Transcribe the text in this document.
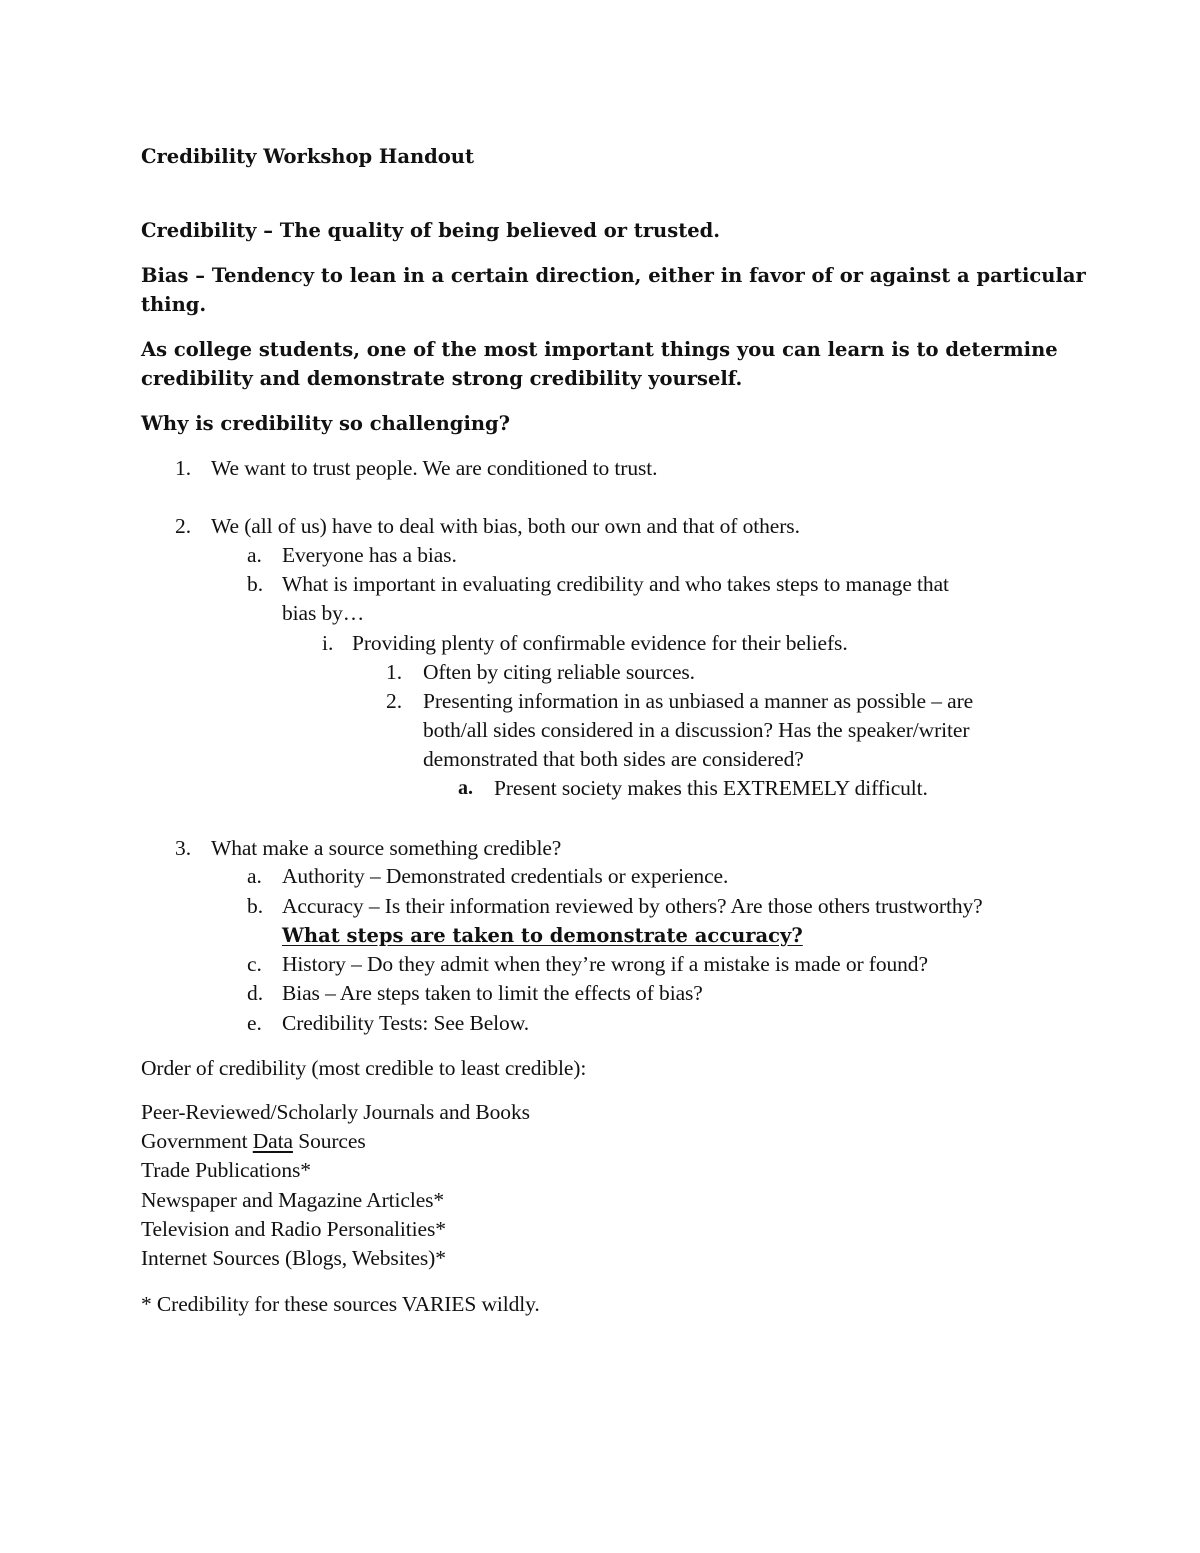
Credibility Workshop Handout
Credibility – The quality of being believed or trusted.
Bias – Tendency to lean in a certain direction, either in favor of or against a particular
thing.
As college students, one of the most important things you can learn is to determine
credibility and demonstrate strong credibility yourself.
Why is credibility so challenging?
1. We want to trust people. We are conditioned to trust.
2. We (all of us) have to deal with bias, both our own and that of others.
a. Everyone has a bias.
b. What is important in evaluating credibility and who takes steps to manage that
bias by…
i. Providing plenty of confirmable evidence for their beliefs.
1. Often by citing reliable sources.
2. Presenting information in as unbiased a manner as possible – are
both/all sides considered in a discussion? Has the speaker/writer
demonstrated that both sides are considered?
a. Present society makes this EXTREMELY difficult.
3. What make a source something credible?
a. Authority – Demonstrated credentials or experience.
b. Accuracy – Is their information reviewed by others? Are those others trustworthy?
What steps are taken to demonstrate accuracy?
c. History – Do they admit when they’re wrong if a mistake is made or found?
d. Bias – Are steps taken to limit the effects of bias?
e. Credibility Tests: See Below.
Order of credibility (most credible to least credible):
Peer-Reviewed/Scholarly Journals and Books
Government Data Sources
Trade Publications*
Newspaper and Magazine Articles*
Television and Radio Personalities*
Internet Sources (Blogs, Websites)*
* Credibility for these sources VARIES wildly.
